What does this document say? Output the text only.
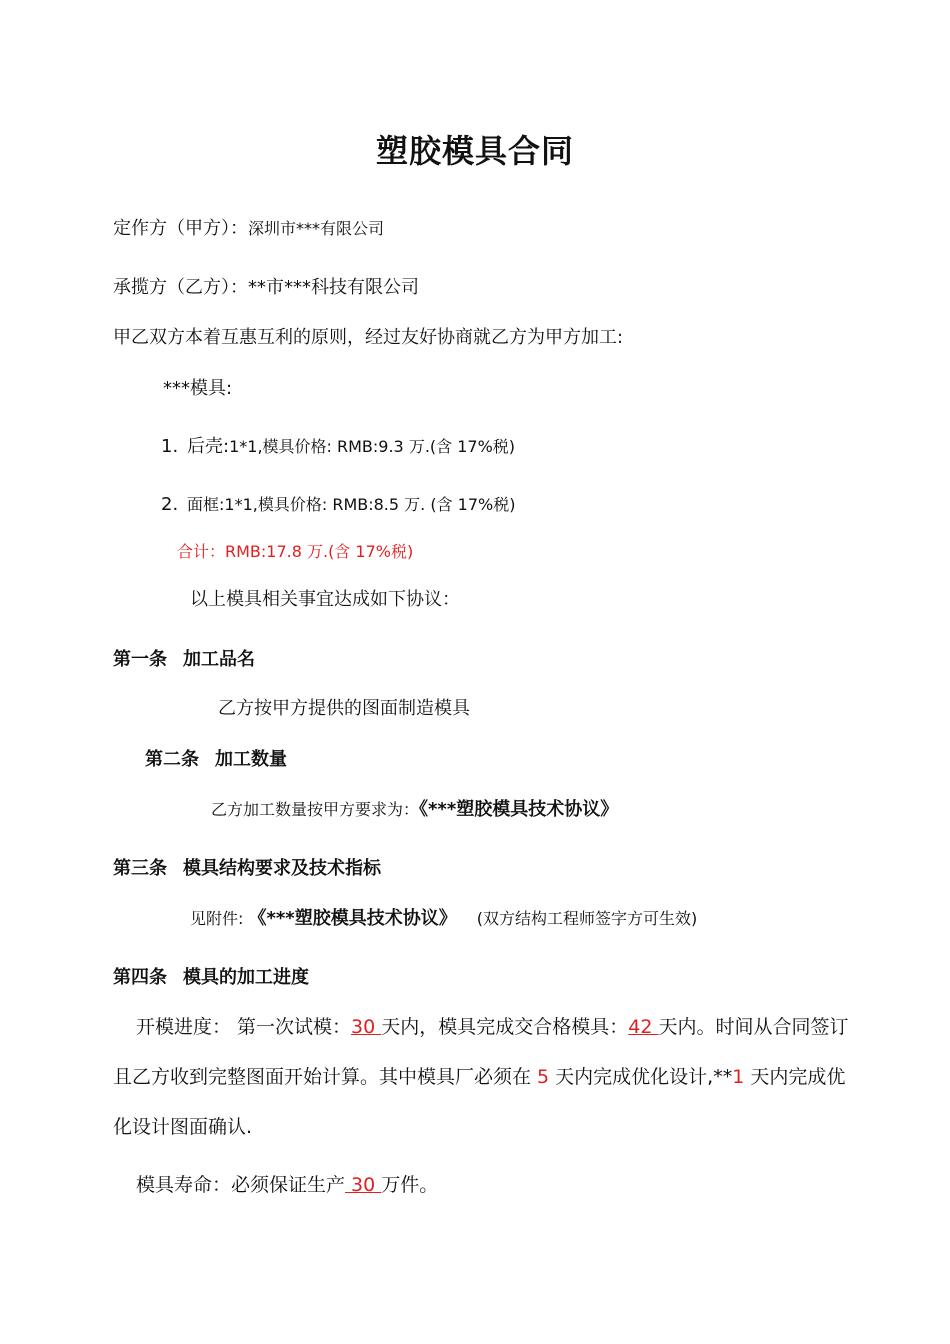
塑胶模具合同
定作方（甲方）：深圳市***有限公司
承揽方（乙方）：**市***科技有限公司
甲乙双方本着互惠互利的原则，经过友好协商就乙方为甲方加工:
***模具:
1. 后壳:1*1,模具价格: RMB:9.3 万.(含 17%税)
2. 面框:1*1,模具价格: RMB:8.5 万. (含 17%税)
合计：RMB:17.8 万.(含 17%税)
以上模具相关事宜达成如下协议：
第一条 加工品名
乙方按甲方提供的图面制造模具
第二条 加工数量
乙方加工数量按甲方要求为：《***塑胶模具技术协议》
第三条 模具结构要求及技术指标
见附件: 《***塑胶模具技术协议》 (双方结构工程师签字方可生效)
第四条 模具的加工进度
开模进度： 第一次试模：30 天内，模具完成交合格模具：42 天内。时间从合同签订
且乙方收到完整图面开始计算。其中模具厂必须在 5 天内完成优化设计,**1 天内完成优
化设计图面确认.
模具寿命：必须保证生产 30 万件。
